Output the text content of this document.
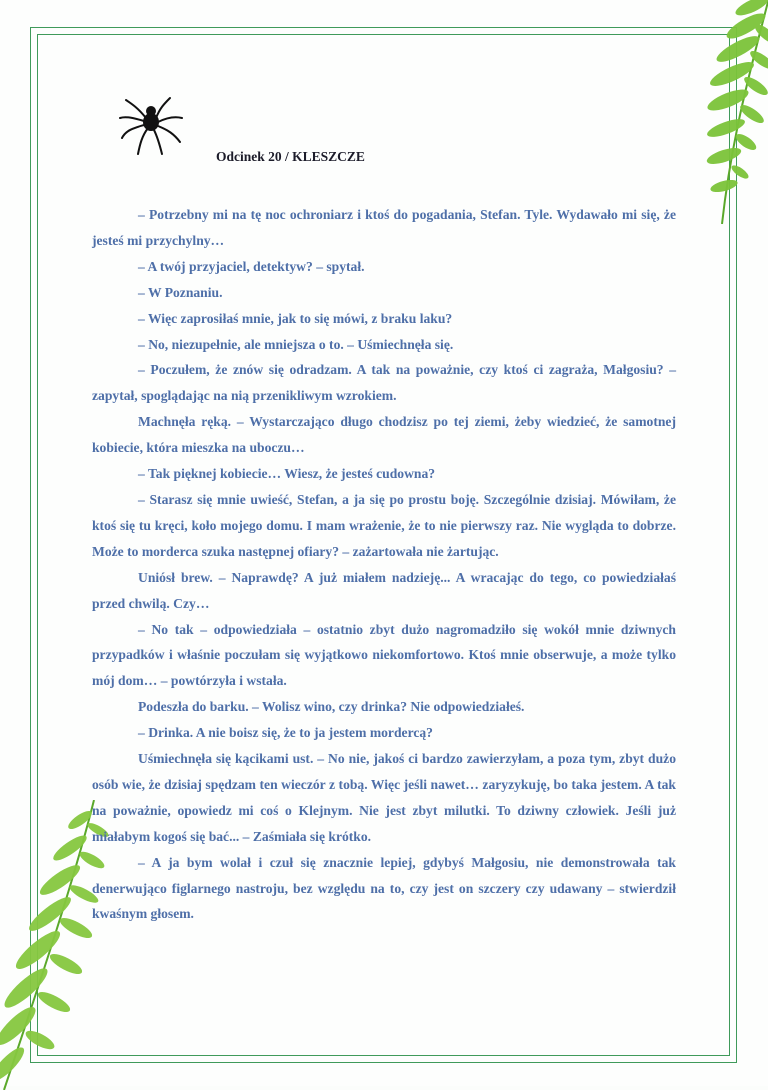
Odcinek 20 / KLESZCZE

– Potrzebny mi na tę noc ochroniarz i ktoś do pogadania, Stefan. Tyle. Wydawało mi się, że jesteś mi przychylny…

– A twój przyjaciel, detektyw? – spytał.

– W Poznaniu.

– Więc zaprosiłaś mnie, jak to się mówi, z braku laku?

– No, niezupełnie, ale mniejsza o to. – Uśmiechnęła się.

– Poczułem, że znów się odradzam. A tak na poważnie, czy ktoś ci zagraża, Małgosiu? – zapytał, spoglądając na nią przenikliwym wzrokiem.

Machnęła ręką. – Wystarczająco długo chodzisz po tej ziemi, żeby wiedzieć, że samotnej kobiecie, która mieszka na uboczu…

– Tak pięknej kobiecie… Wiesz, że jesteś cudowna?

– Starasz się mnie uwieść, Stefan, a ja się po prostu boję. Szczególnie dzisiaj. Mówiłam, że ktoś się tu kręci, koło mojego domu. I mam wrażenie, że to nie pierwszy raz. Nie wygląda to dobrze. Może to morderca szuka następnej ofiary? – zażartowała nie żartując.

Uniósł brew. – Naprawdę? A już miałem nadzieję... A wracając do tego, co powiedziałaś przed chwilą. Czy…

– No tak – odpowiedziała – ostatnio zbyt dużo nagromadziło się wokół mnie dziwnych przypadków i właśnie poczułam się wyjątkowo niekomfortowo. Ktoś mnie obserwuje, a może tylko mój dom… – powtórzyła i wstała.

Podeszła do barku. – Wolisz wino, czy drinka? Nie odpowiedziałeś.

– Drinka. A nie boisz się, że to ja jestem mordercą?

Uśmiechnęła się kącikami ust. – No nie, jakoś ci bardzo zawierzyłam, a poza tym, zbyt dużo osób wie, że dzisiaj spędzam ten wieczór z tobą. Więc jeśli nawet… zaryzykuję, bo taka jestem. A tak na poważnie, opowiedz mi coś o Klejnym. Nie jest zbyt milutki. To dziwny człowiek. Jeśli już miałabym kogoś się bać... – Zaśmiała się krótko.

– A ja bym wolał i czuł się znacznie lepiej, gdybyś Małgosiu, nie demonstrowała tak denerwująco figlarnego nastroju, bez względu na to, czy jest on szczery czy udawany – stwierdził kwaśnym głosem.
